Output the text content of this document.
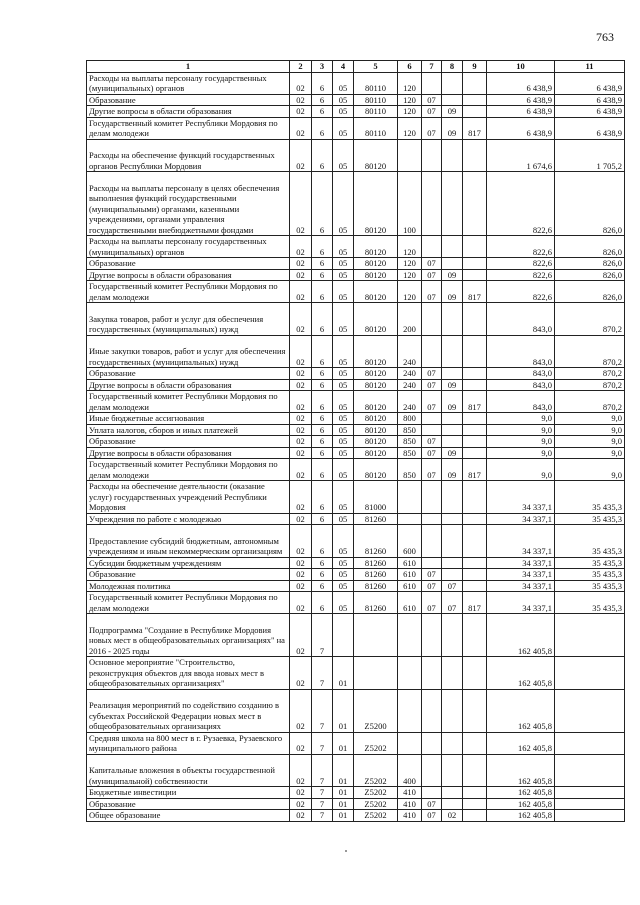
763
1	2	3	4	5	6	7	8	9	10	11
Расходы на выплаты персоналу государственных (муниципальных) органов	02	6	05	80110	120				6 438,9	6 438,9
Образование	02	6	05	80110	120	07			6 438,9	6 438,9
Другие вопросы в области образования	02	6	05	80110	120	07	09		6 438,9	6 438,9
Государственный комитет Республики Мордовия по делам молодежи	02	6	05	80110	120	07	09	817	6 438,9	6 438,9
Расходы на обеспечение функций государственных органов Республики Мордовия	02	6	05	80120					1 674,6	1 705,2
Расходы на выплаты персоналу в целях обеспечения выполнения функций государственными (муниципальными) органами, казенными учреждениями, органами управления государственными внебюджетными фондами	02	6	05	80120	100				822,6	826,0
Расходы на выплаты персоналу государственных (муниципальных) органов	02	6	05	80120	120				822,6	826,0
Образование	02	6	05	80120	120	07			822,6	826,0
Другие вопросы в области образования	02	6	05	80120	120	07	09		822,6	826,0
Государственный комитет Республики Мордовия по делам молодежи	02	6	05	80120	120	07	09	817	822,6	826,0
Закупка товаров, работ и услуг для обеспечения государственных (муниципальных) нужд	02	6	05	80120	200				843,0	870,2
Иные закупки товаров, работ и услуг для обеспечения государственных (муниципальных) нужд	02	6	05	80120	240				843,0	870,2
Образование	02	6	05	80120	240	07			843,0	870,2
Другие вопросы в области образования	02	6	05	80120	240	07	09		843,0	870,2
Государственный комитет Республики Мордовия по делам молодежи	02	6	05	80120	240	07	09	817	843,0	870,2
Иные бюджетные ассигнования	02	6	05	80120	800				9,0	9,0
Уплата налогов, сборов и иных платежей	02	6	05	80120	850				9,0	9,0
Образование	02	6	05	80120	850	07			9,0	9,0
Другие вопросы в области образования	02	6	05	80120	850	07	09		9,0	9,0
Государственный комитет Республики Мордовия по делам молодежи	02	6	05	80120	850	07	09	817	9,0	9,0
Расходы на обеспечение деятельности (оказание услуг) государственных учреждений Республики Мордовия	02	6	05	81000					34 337,1	35 435,3
Учреждения по работе с молодежью	02	6	05	81260					34 337,1	35 435,3
Предоставление субсидий бюджетным, автономным учреждениям и иным некоммерческим организациям	02	6	05	81260	600				34 337,1	35 435,3
Субсидии бюджетным учреждениям	02	6	05	81260	610				34 337,1	35 435,3
Образование	02	6	05	81260	610	07			34 337,1	35 435,3
Молодежная политика	02	6	05	81260	610	07	07		34 337,1	35 435,3
Государственный комитет Республики Мордовия по делам молодежи	02	6	05	81260	610	07	07	817	34 337,1	35 435,3
Подпрограмма "Создание в Республике Мордовия новых мест в общеобразовательных организациях" на 2016 - 2025 годы	02	7							162 405,8	
Основное мероприятие "Строительство, реконструкция объектов для ввода новых мест в общеобразовательных организациях"	02	7	01						162 405,8	
Реализация мероприятий по содействию созданию в субъектах Российской Федерации новых мест в общеобразовательных организациях	02	7	01	Z5200					162 405,8	
Средняя школа на 800 мест в г. Рузаевка, Рузаевского муниципального района	02	7	01	Z5202					162 405,8	
Капитальные вложения в объекты государственной (муниципальной) собственности	02	7	01	Z5202	400				162 405,8	
Бюджетные инвестиции	02	7	01	Z5202	410				162 405,8	
Образование	02	7	01	Z5202	410	07			162 405,8	
Общее образование	02	7	01	Z5202	410	07	02		162 405,8	
